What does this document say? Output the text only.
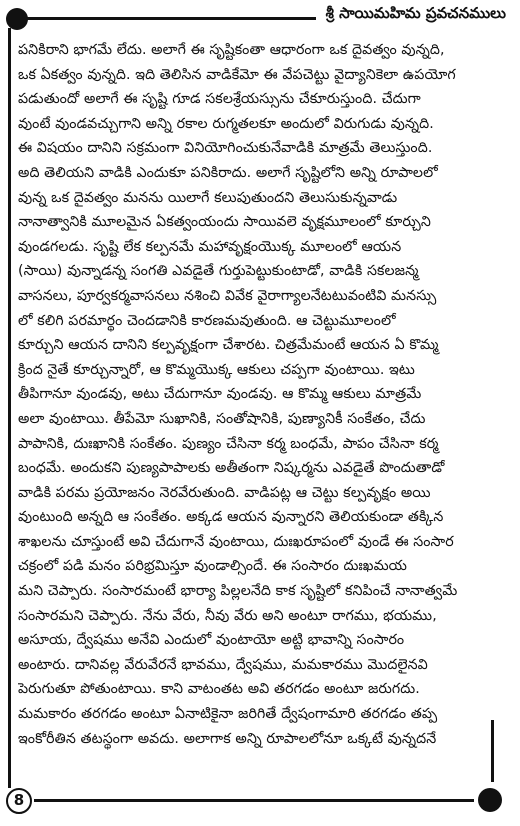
శ్రీ సాయిమహిమ ప్రవచనములు
పనికిరాని భాగమే లేదు. అలాగే ఈ సృష్టికంతా ఆధారంగా ఒక దైవత్వం వున్నది,
ఒక ఏకత్వం వున్నది. ఇది తెలిసిన వాడికేమో ఈ వేపచెట్టు వైద్యానికెలా ఉపయోగ
పడుతుందో అలాగే ఈ సృష్టి గూడ సకలశ్రేయస్సును చేకూరుస్తుంది. చేదుగా
వుంటే వుండవచ్చుగాని అన్ని రకాల రుగ్మతలకూ అందులో విరుగుడు వున్నది.
ఈ విషయం దానిని సక్రమంగా వినియోగించుకునేవాడికి మాత్రమే తెలుస్తుంది.
అది తెలియని వాడికి ఎందుకూ పనికిరాదు. అలాగే సృష్టిలోని అన్ని రూపాలలో
వున్న ఒక దైవత్వం మనను యిలాగే కలుపుతుందని తెలుసుకున్నవాడు
నానాత్వానికి మూలమైన ఏకత్వంయందు సాయివలె వృక్షమూలంలో కూర్చుని
వుండగలడు. సృష్టి లేక కల్పనమే మహావృక్షంయొక్క మూలంలో ఆయన
(సాయి) వున్నాడన్న సంగతి ఎవడైతే గుర్తుపెట్టుకుంటాడో, వాడికి సకలజన్మ
వాసనలు, పూర్వకర్మవాసనలు నశించి వివేక వైరాగ్యాలనేటటువంటివి మనస్సు
లో కలిగి పరమార్థం చెందడానికి కారణమవుతుంది. ఆ చెట్టుమూలంలో
కూర్చుని ఆయన దానిని కల్పవృక్షంగా చేశారట. చిత్రమేమంటే ఆయన ఏ కొమ్మ
క్రింద నైతే కూర్చున్నారో, ఆ కొమ్మయొక్క ఆకులు చప్పగా వుంటాయి. ఇటు
తీపిగానూ వుండవు, అటు చేదుగానూ వుండవు. ఆ కొమ్మ ఆకులు మాత్రమే
అలా వుంటాయి. తీపేమో సుఖానికి, సంతోషానికి, పుణ్యానికీ సంకేతం, చేదు
పాపానికి, దుఃఖానికి సంకేతం. పుణ్యం చేసినా కర్మ బంధమే, పాపం చేసినా కర్మ
బంధమే. అందుకని పుణ్యపాపాలకు అతీతంగా నిష్కర్మను ఎవడైతే పొందుతాడో
వాడికి పరమ ప్రయోజనం నెరవేరుతుంది. వాడిపట్ల ఆ చెట్టు కల్పవృక్షం అయి
వుంటుంది అన్నది ఆ సంకేతం. అక్కడ ఆయన వున్నారని తెలియకుండా తక్కిన
శాఖలను చూస్తుంటే అవి చేదుగానే వుంటాయి, దుఃఖరూపంలో వుండే ఈ సంసార
చక్రంలో పడి మనం పరిభ్రమిస్తూ వుండాల్సిందే. ఈ సంసారం దుఃఖమయ
మని చెప్పారు. సంసారమంటే భార్యా పిల్లలనేది కాక సృష్టిలో కనిపించే నానాత్వమే
సంసారమని చెప్పారు. నేను వేరు, నీవు వేరు అని అంటూ రాగము, భయము,
అసూయ, ద్వేషము అనేవి ఎందులో వుంటాయో అట్టి భావాన్ని సంసారం
అంటారు. దానివల్ల వేరువేరనే భావము, ద్వేషము, మమకారము మొదలైనవి
పెరుగుతూ పోతుంటాయి. కాని వాటంతట అవి తరగడం అంటూ జరుగదు.
మమకారం తరగడం అంటూ ఏనాటికైనా జరిగితే ద్వేషంగామారి తరగడం తప్ప
ఇంకోరీతిన తటస్థంగా అవదు. అలాగాక అన్ని రూపాలలోనూ ఒక్కటే వున్నదనే
8
